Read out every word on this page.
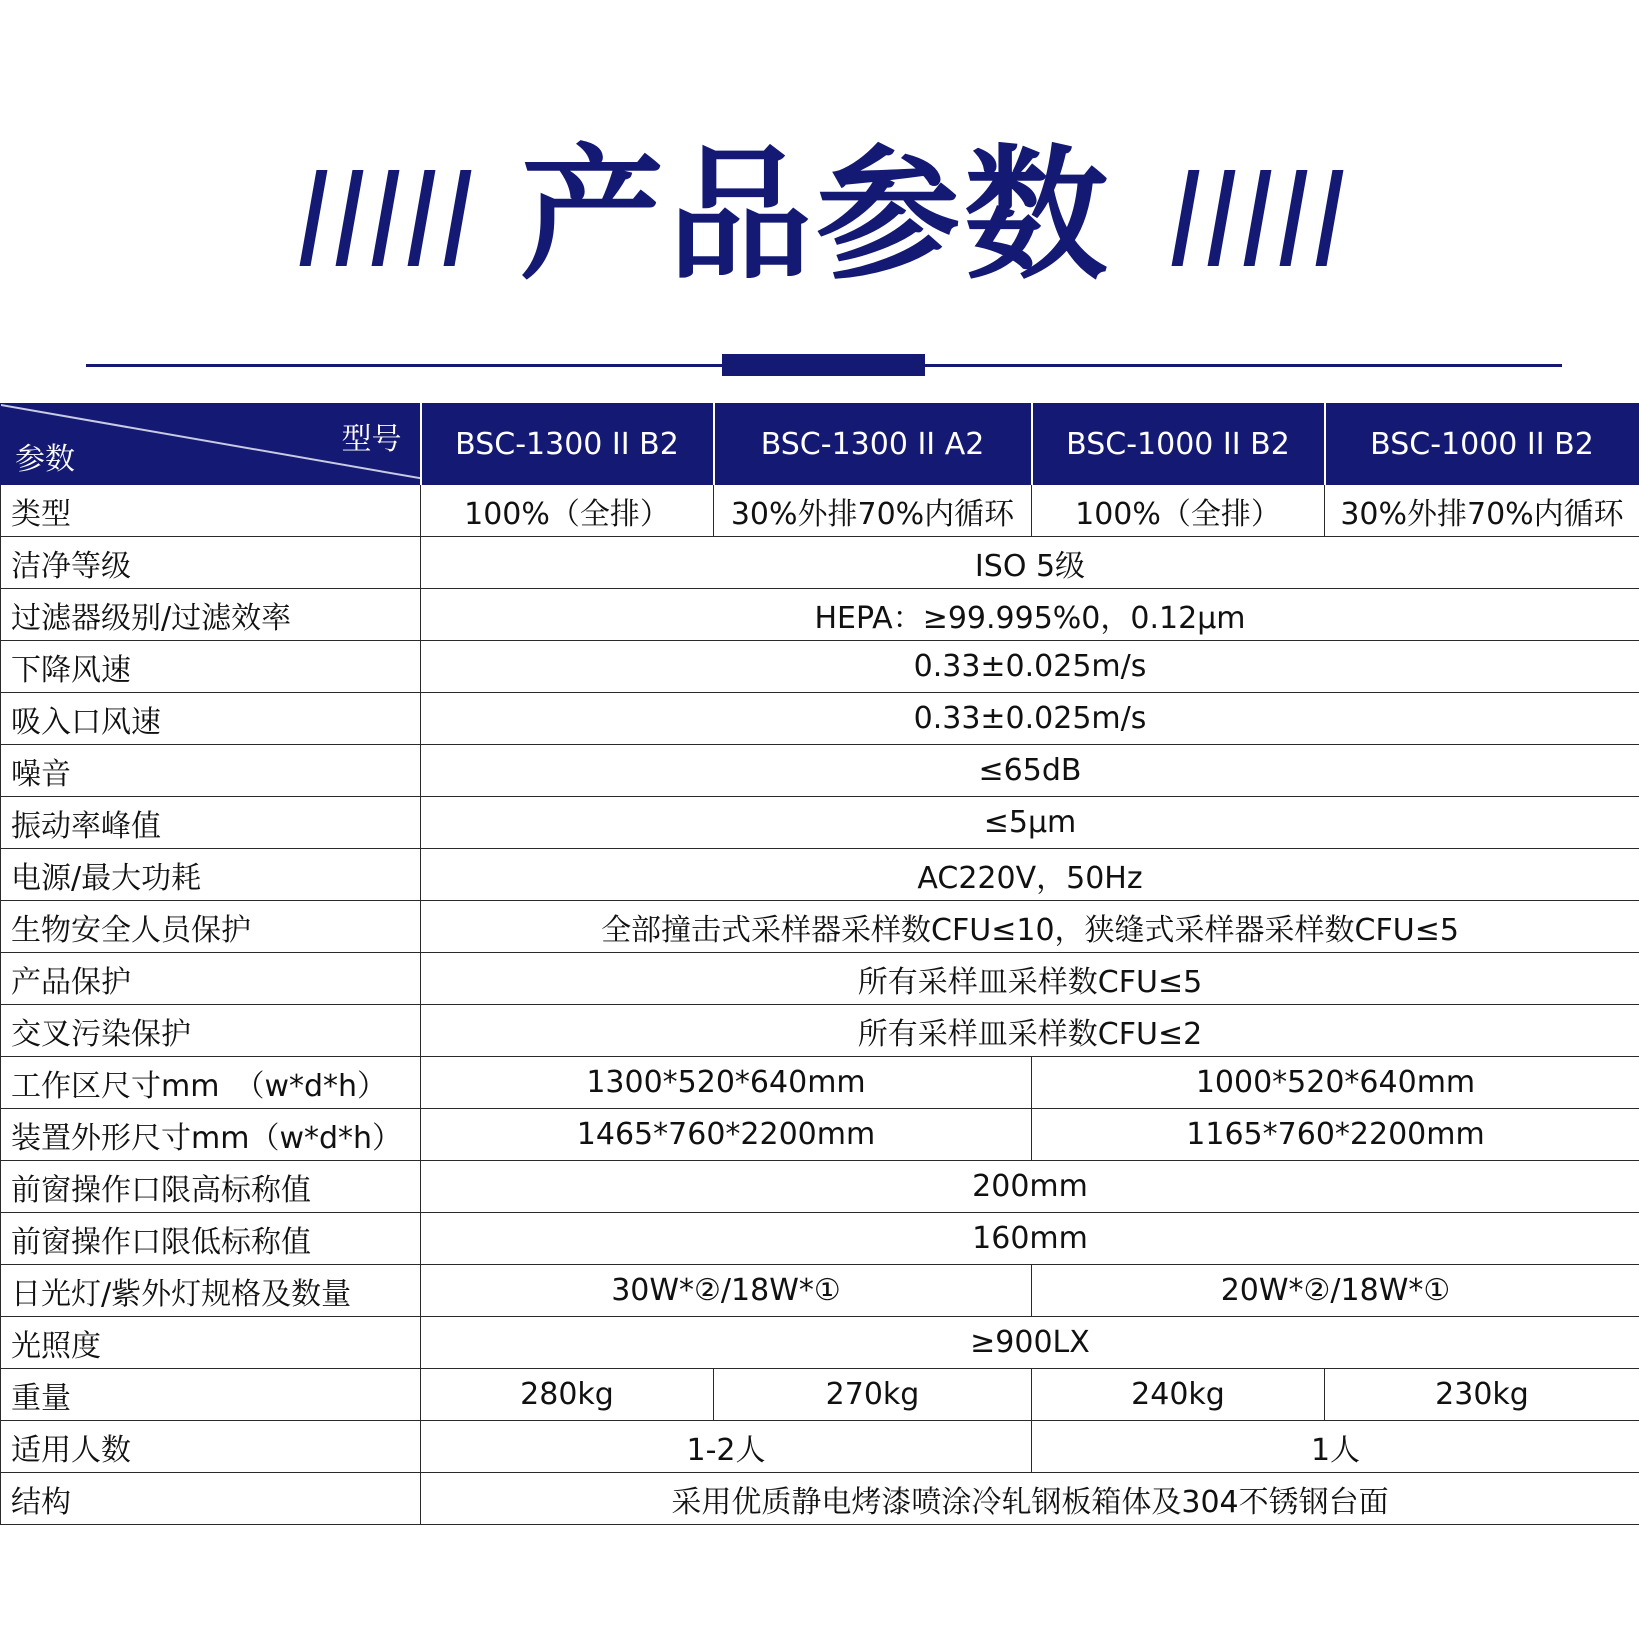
产品参数
型号
参数	BSC-1300 II B2	BSC-1300 II A2	BSC-1000 II B2	BSC-1000 II B2
类型	100%（全排）	30%外排70%内循环	100%（全排）	30%外排70%内循环
洁净等级	ISO 5级			
过滤器级别/过滤效率	HEPA：≥99.995%0，0.12μm			
下降风速	0.33±0.025m/s			
吸入口风速	0.33±0.025m/s			
噪音	≤65dB			
振动率峰值	≤5μm			
电源/最大功耗	AC220V，50Hz			
生物安全人员保护	全部撞击式采样器采样数CFU≤10，狭缝式采样器采样数CFU≤5			
产品保护	所有采样皿采样数CFU≤5			
交叉污染保护	所有采样皿采样数CFU≤2			
工作区尺寸mm　（w*d*h）	1300*520*640mm		1000*520*640mm	
装置外形尺寸mm（w*d*h）	1465*760*2200mm		1165*760*2200mm	
前窗操作口限高标称值	200mm			
前窗操作口限低标称值	160mm			
日光灯/紫外灯规格及数量	30W*②/18W*①		20W*②/18W*①	
光照度	≥900LX			
重量	280kg	270kg	240kg	230kg
适用人数	1-2人		1人	
结构	采用优质静电烤漆喷涂冷轧钢板箱体及304不锈钢台面			
